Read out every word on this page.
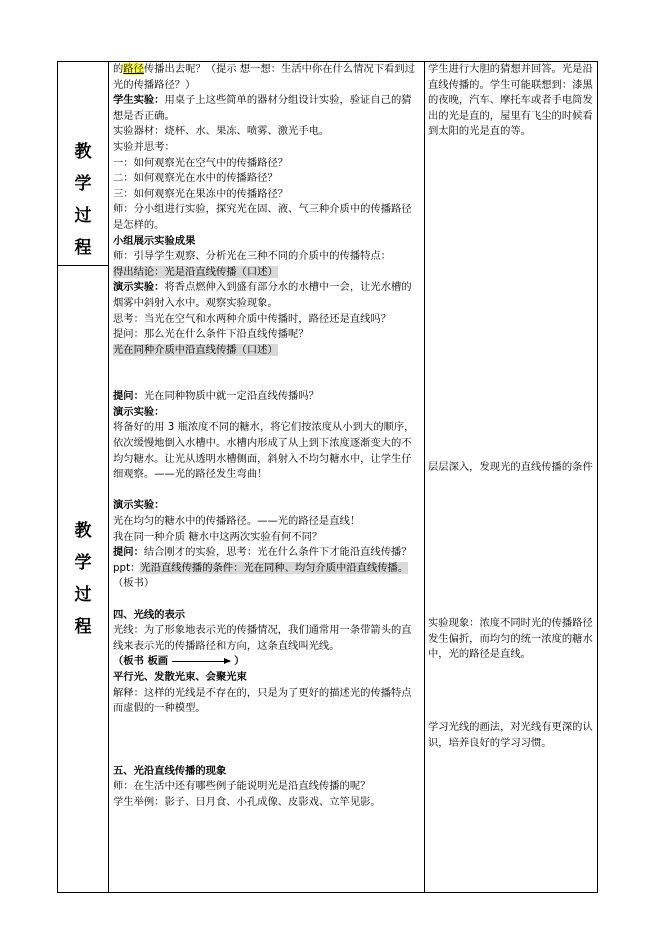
教
学
过
程
教
学
过
程

的路径传播出去呢？（提示 想一想：生活中你在什么情况下看到过光的传播路径？）

学生实验：用桌子上这些简单的器材分组设计实验，验证自己的猜想是否正确。

实验器材：烧杯、水、果冻、喷雾、激光手电。

实验并思考：

一：如何观察光在空气中的传播路径？

二：如何观察光在水中的传播路径？

三：如何观察光在果冻中的传播路径？

师：分小组进行实验，探究光在固、液、气三种介质中的传播路径是怎样的。

小组展示实验成果

师：引导学生观察、分析光在三种不同的介质中的传播特点：

得出结论：光是沿直线传播（口述）

演示实验：将香点燃伸入到盛有部分水的水槽中一会，让光水槽的烟雾中斜射入水中。观察实验现象。

思考：当光在空气和水两种介质中传播时，路径还是直线吗？

提问：那么光在什么条件下沿直线传播呢？

光在同种介质中沿直线传播（口述）

提问：光在同种物质中就一定沿直线传播吗？

演示实验：

将备好的用 3 瓶浓度不同的糖水，将它们按浓度从小到大的顺序，依次缓慢地倒入水槽中。水槽内形成了从上到下浓度逐渐变大的不均匀糖水。让光从透明水槽侧面，斜射入不均匀糖水中，让学生仔细观察。——光的路径发生弯曲！

演示实验：

光在均匀的糖水中的传播路径。——光的路径是直线！

我在同一种介质 糖水中这两次实验有何不同？

提问：结合刚才的实验，思考：光在什么条件下才能沿直线传播？

ppt：光沿直线传播的条件：光在同种、均匀介质中沿直线传播。（板书）

四、光线的表示

光线：为了形象地表示光的传播情况，我们通常用一条带箭头的直线来表示光的传播路径和方向，这条直线叫光线。

（板书 板画	）

平行光、发散光束、会聚光束

解释：这样的光线是不存在的，只是为了更好的描述光的传播特点而虚假的一种模型。

五、光沿直线传播的现象

师：在生活中还有哪些例子能说明光是沿直线传播的呢？

学生举例：影子、日月食、小孔成像、皮影戏、立竿见影。

学生进行大胆的猜想并回答。光是沿直线传播的。学生可能联想到：漆黑的夜晚，汽车、摩托车或者手电筒发出的光是直的，屋里有飞尘的时候看到太阳的光是直的等。

层层深入，发现光的直线传播的条件

实验现象：浓度不同时光的传播路径发生偏折，而均匀的统一浓度的糖水中，光的路径是直线。

学习光线的画法，对光线有更深的认识，培养良好的学习习惯。
